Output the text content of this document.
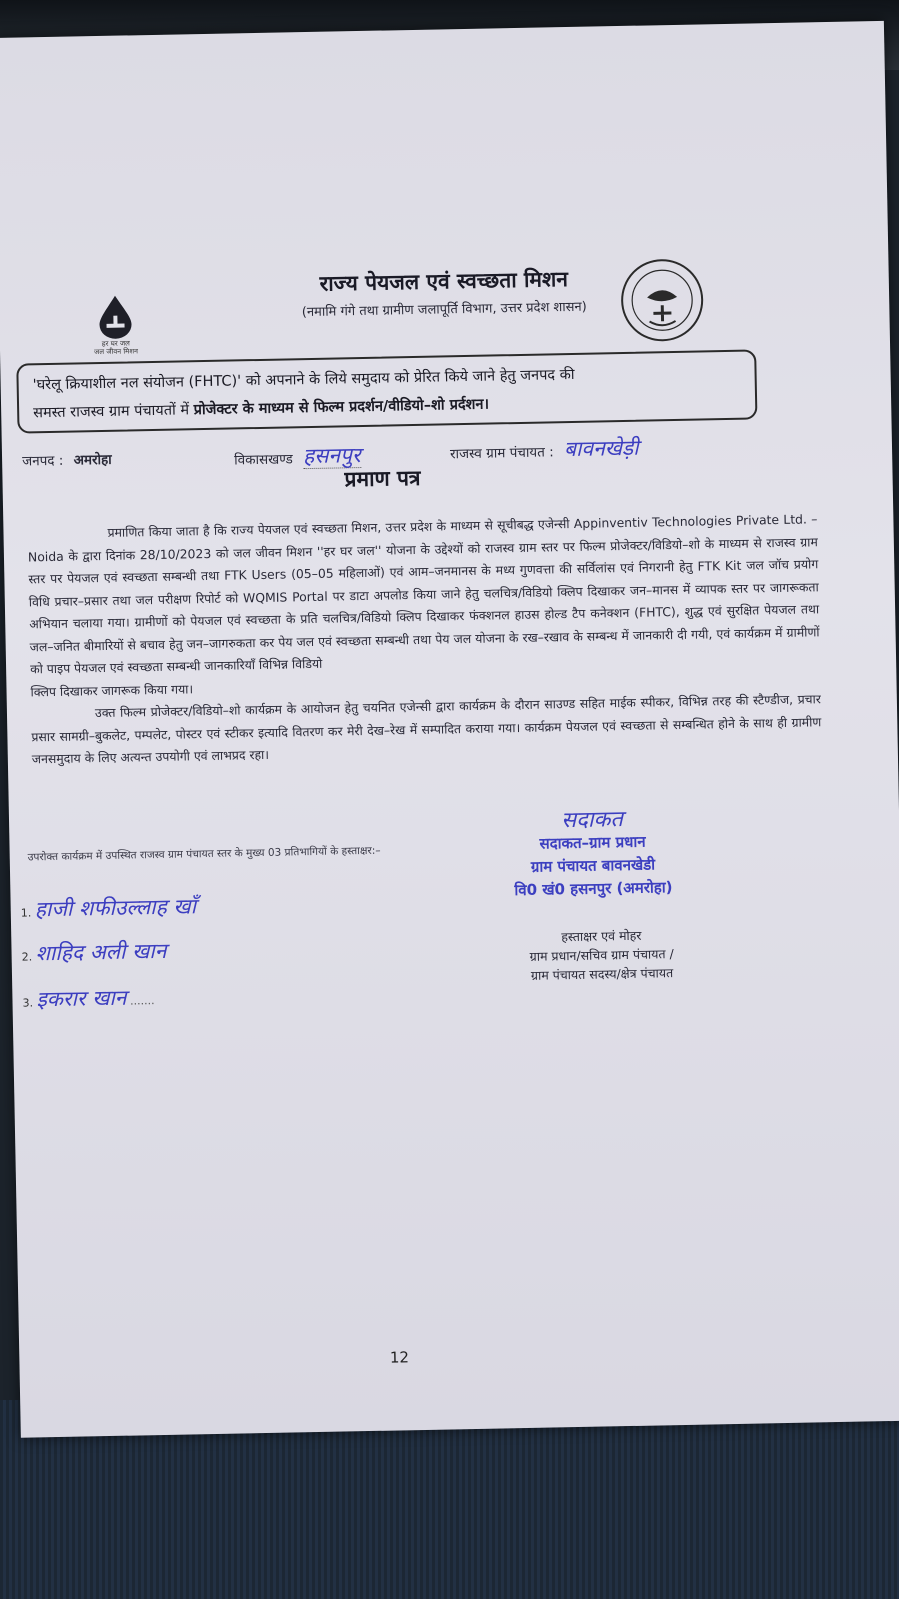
हर घर जल
जल जीवन मिशन
राज्य पेयजल एवं स्वच्छता मिशन
(नमामि गंगे तथा ग्रामीण जलापूर्ति विभाग, उत्तर प्रदेश शासन)
'घरेलू क्रियाशील नल संयोजन (FHTC)' को अपनाने के लिये समुदाय को प्रेरित किये जाने हेतु जनपद की
समस्त राजस्व ग्राम पंचायतों में प्रोजेक्टर के माध्यम से फिल्म प्रदर्शन/वीडियो–शो प्रर्दशन।
जनपद : अमरोहा	विकासखण्ड हसनपुर	राजस्व ग्राम पंचायत : बावनखेड़ी
प्रमाण पत्र

प्रमाणित किया जाता है कि राज्य पेयजल एवं स्वच्छता मिशन, उत्तर प्रदेश के माध्यम से सूचीबद्ध एजेन्सी Appinventiv Technologies Private Ltd. – Noida के द्वारा दिनांक 28/10/2023 को जल जीवन मिशन ''हर घर जल'' योजना के उद्देश्यों को राजस्व ग्राम स्तर पर फिल्म प्रोजेक्टर/विडियो–शो के माध्यम से राजस्व ग्राम स्तर पर पेयजल एवं स्वच्छता सम्बन्धी तथा FTK Users (05–05 महिलाओं) एवं आम–जनमानस के मध्य गुणवत्ता की सर्विलांस एवं निगरानी हेतु FTK Kit जल जॉच प्रयोग विधि प्रचार–प्रसार तथा जल परीक्षण रिपोर्ट को WQMIS Portal पर डाटा अपलोड किया जाने हेतु चलचित्र/विडियो क्लिप दिखाकर जन–मानस में व्यापक स्तर पर जागरूकता अभियान चलाया गया। ग्रामीणों को पेयजल एवं स्वच्छता के प्रति चलचित्र/विडियो क्लिप दिखाकर फंक्शनल हाउस होल्ड टैप कनेक्शन (FHTC), शुद्ध एवं सुरक्षित पेयजल तथा जल–जनित बीमारियों से बचाव हेतु जन–जागरुकता कर पेय जल एवं स्वच्छता सम्बन्धी तथा पेय जल योजना के रख–रखाव के सम्बन्ध में जानकारी दी गयी, एवं कार्यक्रम में ग्रामीणों को पाइप पेयजल एवं स्वच्छता सम्बन्धी जानकारियाँ विभिन्न विडियो

क्लिप दिखाकर जागरूक किया गया।

उक्त फिल्म प्रोजेक्टर/विडियो–शो कार्यक्रम के आयोजन हेतु चयनित एजेन्सी द्वारा कार्यक्रम के दौरान साउण्ड सहित माईक स्पीकर, विभिन्न तरह की स्टैण्डीज, प्रचार प्रसार सामग्री–बुकलेट, पम्पलेट, पोस्टर एवं स्टीकर इत्यादि वितरण कर मेरी देख–रेख में सम्पादित कराया गया। कार्यक्रम पेयजल एवं स्वच्छता से सम्बन्धित होने के साथ ही ग्रामीण जनसमुदाय के लिए अत्यन्त उपयोगी एवं लाभप्रद रहा।

उपरोक्त कार्यक्रम में उपस्थित राजस्व ग्राम पंचायत स्तर के मुख्य 03 प्रतिभागियों के हस्ताक्षर:–
1. हाजी शफीउल्लाह खाँ
2. शाहिद अली खान
3. इकरार खान .......
सदाकत
सदाकत–ग्राम प्रधान
ग्राम पंचायत बावनखेडी
वि0 खं0 हसनपुर (अमरोहा)
हस्ताक्षर एवं मोहर
ग्राम प्रधान/सचिव ग्राम पंचायत /
ग्राम पंचायत सदस्य/क्षेत्र पंचायत
12
